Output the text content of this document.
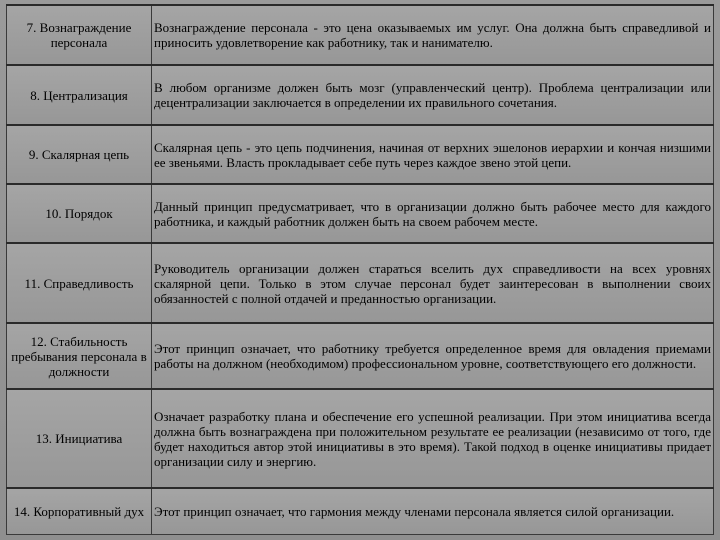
7. Вознаграждение персонала	Вознаграждение персонала - это цена оказываемых им услуг. Она должна быть справедливой и приносить удовлетворение как работнику, так и нанимателю.
8. Централизация	В любом организме должен быть мозг (управленческий центр). Проблема централизации или децентрализации заключается в определении их правильного сочетания.
9. Скалярная цепь	Скалярная цепь - это цепь подчинения, начиная от верхних эшелонов иерархии и кончая низшими ее звеньями. Власть прокладывает себе путь через каждое звено этой цепи.
10. Порядок	Данный принцип предусматривает, что в организации должно быть рабочее место для каждого работника, и каждый работник должен быть на своем рабочем месте.
11. Справедливость	Руководитель организации должен стараться вселить дух справедливости на всех уровнях скалярной цепи. Только в этом случае персонал будет заинтересован в выполнении своих обязанностей с полной отдачей и преданностью организации.
12. Стабильность пребывания персонала в должности	Этот принцип означает, что работнику требуется определенное время для овладения приемами работы на должном (необходимом) профессиональном уровне, соответствующего его должности.
13. Инициатива	Означает разработку плана и обеспечение его успешной реализации. При этом инициатива всегда должна быть вознаграждена при положительном результате ее реализации (независимо от того, где будет находиться автор этой инициативы в это время). Такой подход в оценке инициативы придает организации силу и энергию.
14. Корпоративный дух	Этот принцип означает, что гармония между членами персонала является силой организации.
